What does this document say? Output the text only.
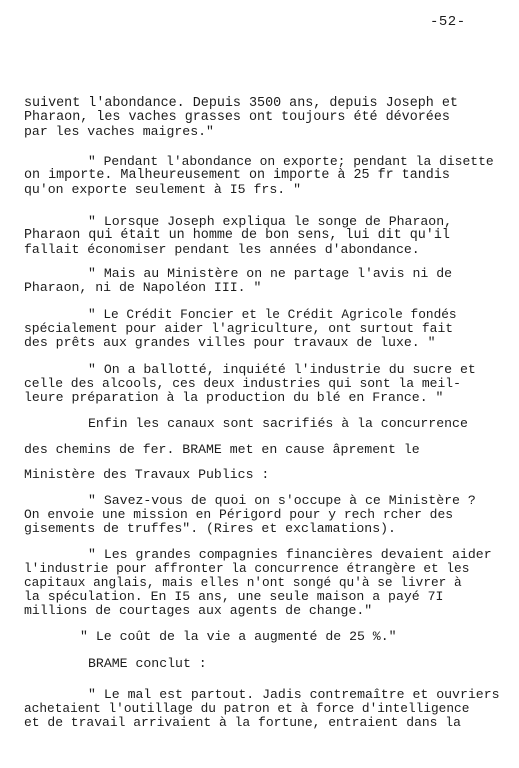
-52-
suivent l'abondance. Depuis 3500 ans, depuis Joseph et
Pharaon, les vaches grasses ont toujours été dévorées
par les vaches maigres."
" Pendant l'abondance on exporte; pendant la disette
on importe. Malheureusement on importe à 25 fr tandis
qu'on exporte seulement à I5 frs. "
" Lorsque Joseph expliqua le songe de Pharaon,
Pharaon qui était un homme de bon sens, lui dit qu'il
fallait économiser pendant les années d'abondance.
" Mais au Ministère on ne partage l'avis ni de
Pharaon, ni de Napoléon III. "
" Le Crédit Foncier et le Crédit Agricole fondés
spécialement pour aider l'agriculture, ont surtout fait
des prêts aux grandes villes pour travaux de luxe. "
" On a ballotté, inquiété l'industrie du sucre et
celle des alcools, ces deux industries qui sont la meil-
leure préparation à la production du blé en France. "
Enfin les canaux sont sacrifiés à la concurrence
des chemins de fer. BRAME met en cause âprement le
Ministère des Travaux Publics :
" Savez-vous de quoi on s'occupe à ce Ministère ?
On envoie une mission en Périgord pour y rech rcher des
gisements de truffes". (Rires et exclamations).
" Les grandes compagnies financières devaient aider
l'industrie pour affronter la concurrence étrangère et les
capitaux anglais, mais elles n'ont songé qu'à se livrer à
la spéculation. En I5 ans, une seule maison a payé 7I
millions de courtages aux agents de change."
" Le coût de la vie a augmenté de 25 %."
BRAME conclut :
" Le mal est partout. Jadis contremaître et ouvriers
achetaient l'outillage du patron et à force d'intelligence
et de travail arrivaient à la fortune, entraient dans la
